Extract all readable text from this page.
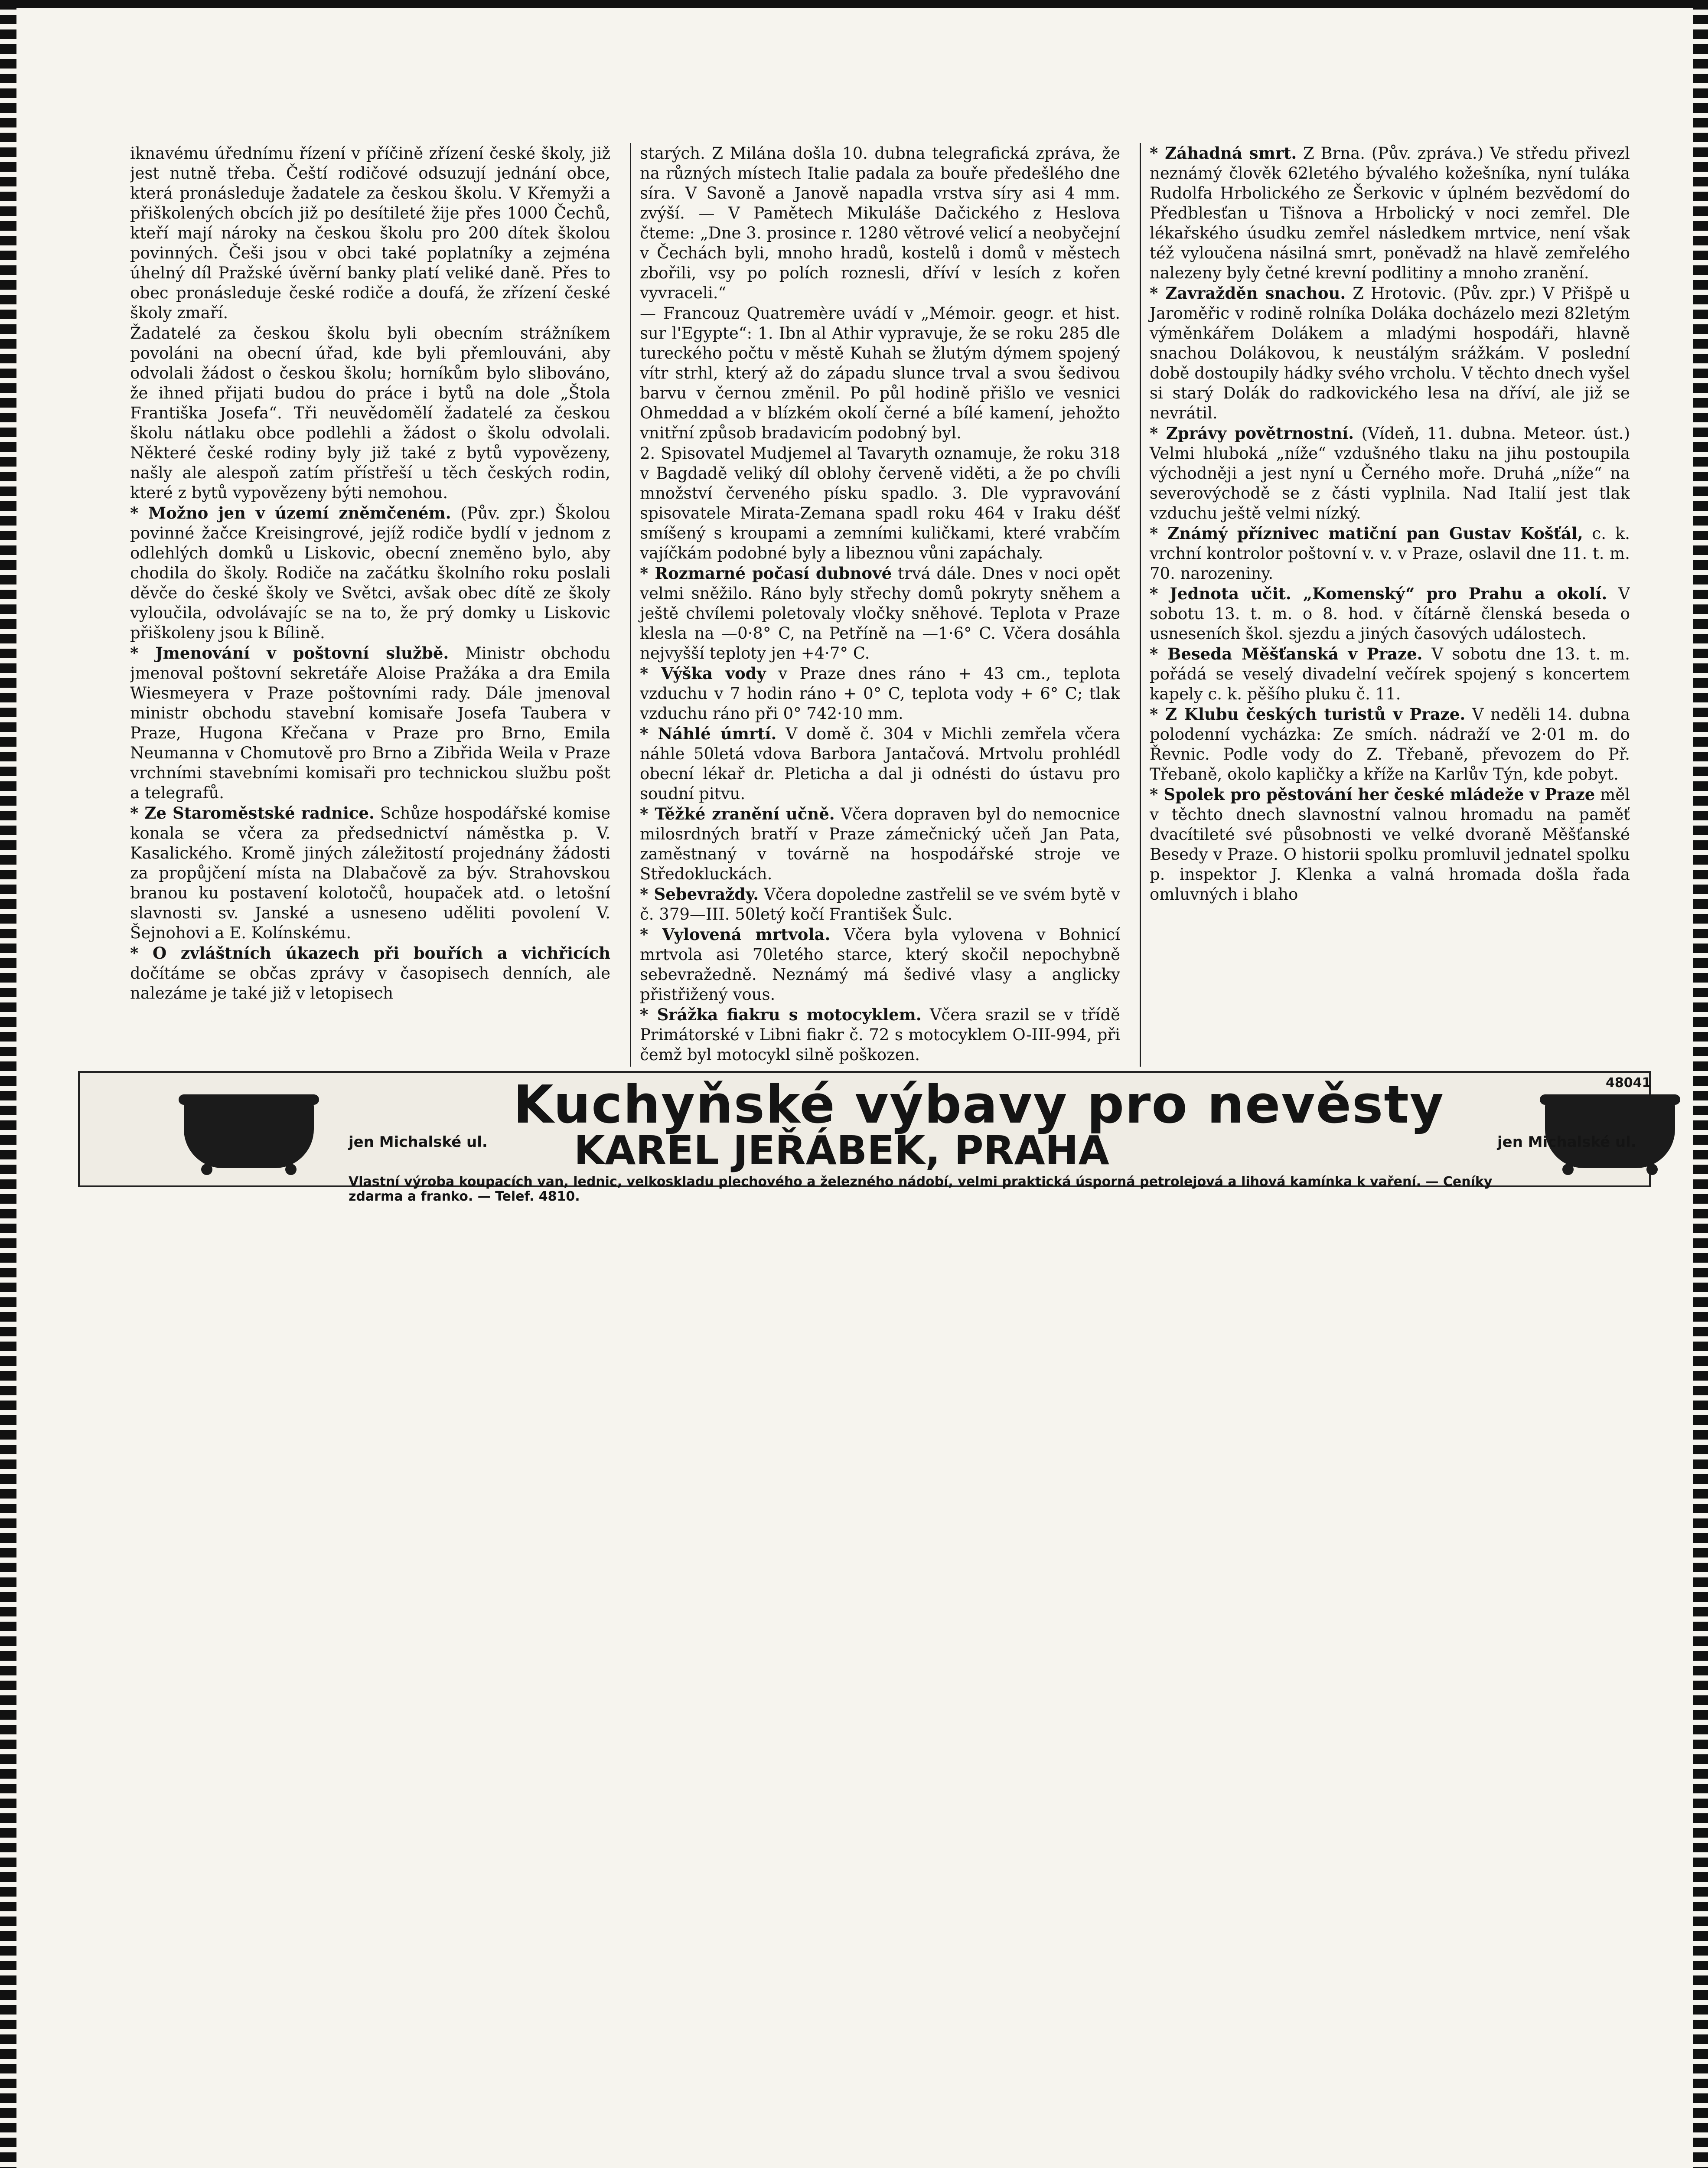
iknavému úřednímu řízení v příčině zřízení české školy, již jest nutně třeba. Čeští rodičové odsuzují jednání obce, která pronásleduje žadatele za českou školu. V Křemyži a přiškolených obcích již po desítileté žije přes 1000 Čechů, kteří mají nároky na českou školu pro 200 dítek školou povinných. Češi jsou v obci také poplatníky a zejména úhelný díl Pražské úvěrní banky platí veliké daně. Přes to obec pronásleduje české rodiče a doufá, že zřízení české školy zmaří.

Žadatelé za českou školu byli obecním strážníkem povoláni na obecní úřad, kde byli přemlouváni, aby odvolali žádost o českou školu; horníkům bylo slibováno, že ihned přijati budou do práce i bytů na dole „Štola Františka Josefa“. Tři neuvědomělí žadatelé za českou školu nátlaku obce podlehli a žádost o školu odvolali. Některé české rodiny byly již také z bytů vypovězeny, našly ale alespoň zatím přístřeší u těch českých rodin, které z bytů vypovězeny býti nemohou.

* Možno jen v území zněmčeném. (Pův. zpr.) Školou povinné žačce Kreisingrové, jejíž rodiče bydlí v jednom z odlehlých domků u Liskovic, obecní zneměno bylo, aby chodila do školy. Rodiče na začátku školního roku poslali děvče do české školy ve Světci, avšak obec dítě ze školy vyloučila, odvolávajíc se na to, že prý domky u Liskovic přiškoleny jsou k Bílině.

* Jmenování v poštovní službě. Ministr obchodu jmenoval poštovní sekretáře Aloise Pražáka a dra Emila Wiesmeyera v Praze poštovními rady. Dále jmenoval ministr obchodu stavební komisaře Josefa Taubera v Praze, Hugona Křečana v Praze pro Brno, Emila Neumanna v Chomutově pro Brno a Zibřida Weila v Praze vrchními stavebními komisaři pro technickou službu pošt a telegrafů.

* Ze Staroměstské radnice. Schůze hospodářské komise konala se včera za předsednictví náměstka p. V. Kasalického. Kromě jiných záležitostí projednány žádosti za propůjčení místa na Dlabačově za býv. Strahovskou branou ku postavení kolotočů, houpaček atd. o letošní slavnosti sv. Janské a usneseno uděliti povolení V. Šejnohovi a E. Kolínskému.

* O zvláštních úkazech při bouřích a vichřicích dočítáme se občas zprávy v časopisech denních, ale nalezáme je také již v letopisech

starých. Z Milána došla 10. dubna telegrafická zpráva, že na různých místech Italie padala za bouře předešlého dne síra. V Savoně a Janově napadla vrstva síry asi 4 mm. zvýší. — V Pamětech Mikuláše Dačického z Heslova čteme: „Dne 3. prosince r. 1280 větrové velicí a neobyčejní v Čechách byli, mnoho hradů, kostelů i domů v městech zbořili, vsy po polích roznesli, dříví v lesích z kořen vyvraceli.“

— Francouz Quatremère uvádí v „Mémoir. geogr. et hist. sur l'Egypte“: 1. Ibn al Athir vypravuje, že se roku 285 dle tureckého počtu v městě Kuhah se žlutým dýmem spojený vítr strhl, který až do západu slunce trval a svou šedivou barvu v černou změnil. Po půl hodině přišlo ve vesnici Ohmeddad a v blízkém okolí černé a bílé kamení, jehožto vnitřní způsob bradavicím podobný byl.

2. Spisovatel Mudjemel al Tavaryth oznamuje, že roku 318 v Bagdadě veliký díl oblohy červeně viděti, a že po chvíli množství červeného písku spadlo. 3. Dle vypravování spisovatele Mirata-Zemana spadl roku 464 v Iraku déšť smíšený s kroupami a zemními kuličkami, které vrabčím vajíčkám podobné byly a libeznou vůni zapáchaly.

* Rozmarné počasí dubnové trvá dále. Dnes v noci opět velmi sněžilo. Ráno byly střechy domů pokryty sněhem a ještě chvílemi poletovaly vločky sněhové. Teplota v Praze klesla na —0·8° C, na Petříně na —1·6° C. Včera dosáhla nejvyšší teploty jen +4·7° C.

* Výška vody v Praze dnes ráno + 43 cm., teplota vzduchu v 7 hodin ráno + 0° C, teplota vody + 6° C; tlak vzduchu ráno při 0° 742·10 mm.

* Náhlé úmrtí. V domě č. 304 v Michli zemřela včera náhle 50letá vdova Barbora Jantačová. Mrtvolu prohlédl obecní lékař dr. Pleticha a dal ji odnésti do ústavu pro soudní pitvu.

* Těžké zranění učně. Včera dopraven byl do nemocnice milosrdných bratří v Praze zámečnický učeň Jan Pata, zaměstnaný v továrně na hospodářské stroje ve Středokluckách.

* Sebevraždy. Včera dopoledne zastřelil se ve svém bytě v č. 379—III. 50letý kočí František Šulc.

* Vylovená mrtvola. Včera byla vylovena v Bohnicí mrtvola asi 70letého starce, který skočil nepochybně sebevražedně. Neznámý má šedivé vlasy a anglicky přistřižený vous.

* Srážka fiakru s motocyklem. Včera srazil se v třídě Primátorské v Libni fiakr č. 72 s motocyklem O-III-994, při čemž byl motocykl silně poškozen.

* Záhadná smrt. Z Brna. (Pův. zpráva.) Ve středu přivezl neznámý člověk 62letého bývalého kožešníka, nyní tuláka Rudolfa Hrbolického ze Šerkovic v úplném bezvědomí do Předblesťan u Tišnova a Hrbolický v noci zemřel. Dle lékařského úsudku zemřel následkem mrtvice, není však též vyloučena násilná smrt, poněvadž na hlavě zemřelého nalezeny byly četné krevní podlitiny a mnoho zranění.

* Zavražděn snachou. Z Hrotovic. (Pův. zpr.) V Přišpě u Jaroměřic v rodině rolníka Doláka docházelo mezi 82letým výměnkářem Dolákem a mladými hospodáři, hlavně snachou Dolákovou, k neustálým srážkám. V poslední době dostoupily hádky svého vrcholu. V těchto dnech vyšel si starý Dolák do radkovického lesa na dříví, ale již se nevrátil.

* Zprávy povětrnostní. (Vídeň, 11. dubna. Meteor. úst.) Velmi hluboká „níže“ vzdušného tlaku na jihu postoupila východněji a jest nyní u Černého moře. Druhá „níže“ na severovýchodě se z části vyplnila. Nad Italií jest tlak vzduchu ještě velmi nízký.

* Známý příznivec matiční pan Gustav Košťál, c. k. vrchní kontrolor poštovní v. v. v Praze, oslavil dne 11. t. m. 70. narozeniny.

* Jednota učit. „Komenský“ pro Prahu a okolí. V sobotu 13. t. m. o 8. hod. v čítárně členská beseda o usneseních škol. sjezdu a jiných časových událostech.

* Beseda Měšťanská v Praze. V sobotu dne 13. t. m. pořádá se veselý divadelní večírek spojený s koncertem kapely c. k. pěšího pluku č. 11.

* Z Klubu českých turistů v Praze. V neděli 14. dubna polodenní vycházka: Ze smích. nádraží ve 2·01 m. do Řevnic. Podle vody do Z. Třebaně, převozem do Př. Třebaně, okolo kapličky a kříže na Karlův Týn, kde pobyt.

* Spolek pro pěstování her české mládeže v Praze měl v těchto dnech slavnostní valnou hromadu na paměť dvacítileté své působnosti ve velké dvoraně Měšťanské Besedy v Praze. O historii spolku promluvil jednatel spolku p. inspektor J. Klenka a valná hromada došla řada omluvných i blaho

48041
Kuchyňské výbavy pro nevěsty
jen Michalské ul. KAREL JEŘÁBEK, PRAHA	jen Michalské ul.
Vlastní výroba koupacích van, lednic, velkoskladu plechového a železného nádobí, velmi praktická úsporná petrolejová a lihová kamínka k vaření. — Ceníky zdarma a franko. — Telef. 4810.
